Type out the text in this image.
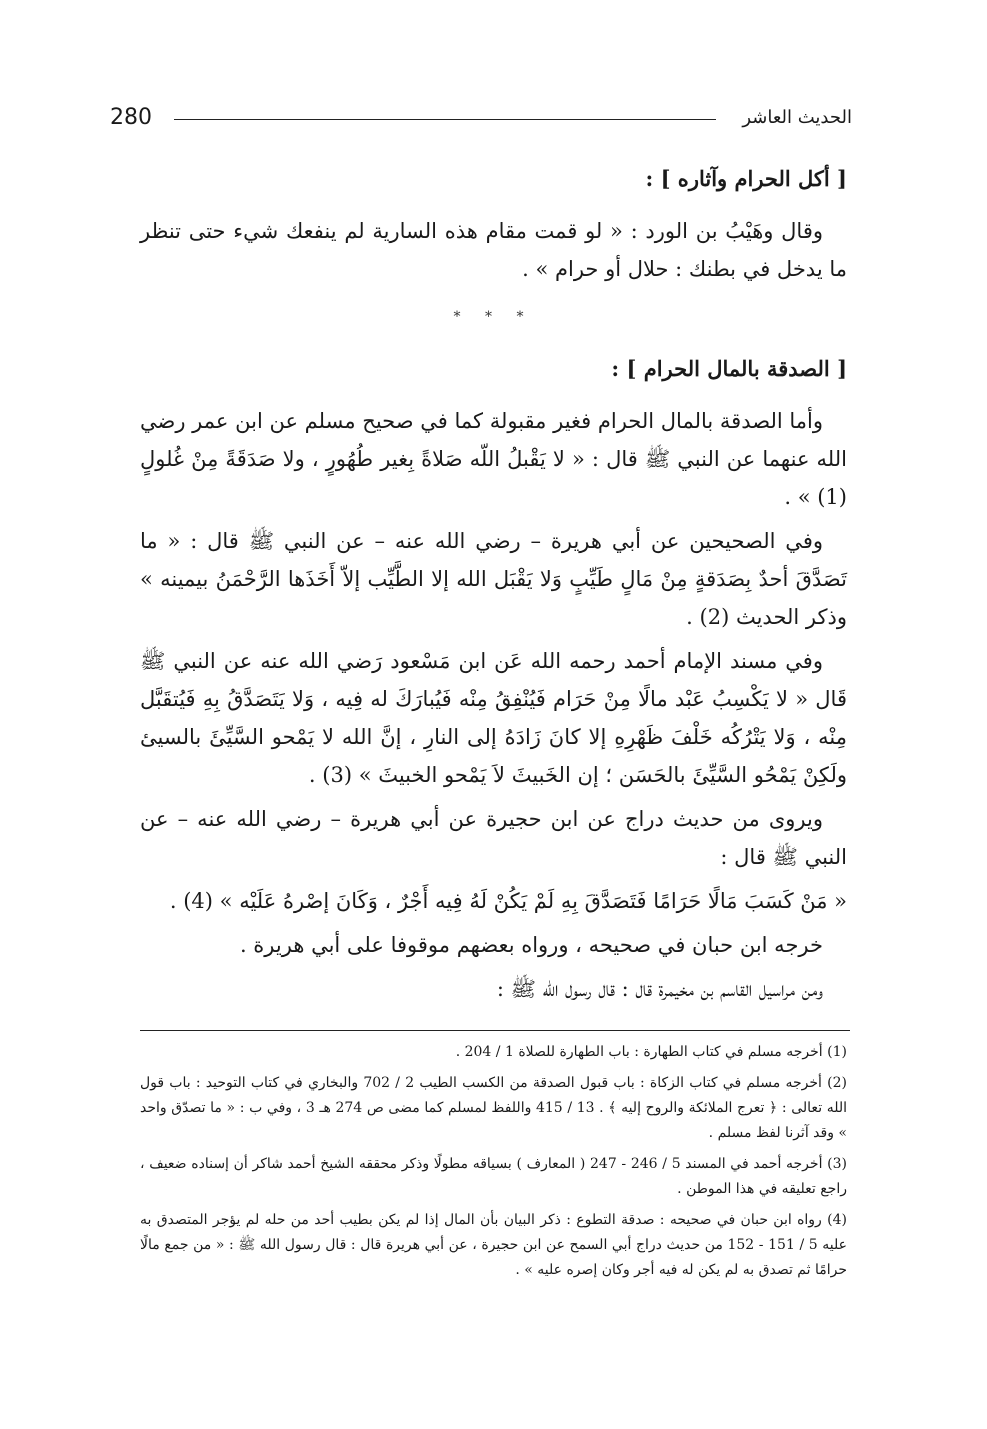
280	الحديث العاشر

[ أكل الحرام وآثاره ] :

وقال وهَيْبُ بن الورد : « لو قمت مقام هذه السارية لم ينفعك شيء حتى تنظر ما يدخل في بطنك : حلال أو حرام » .

* * *

[ الصدقة بالمال الحرام ] :

وأما الصدقة بالمال الحرام فغير مقبولة كما في صحيح مسلم عن ابن عمر رضي الله عنهما عن النبي ﷺ قال : « لا يَقْبلُ اللّه صَلاةً بِغير طُهُورٍ ، ولا صَدَقَةً مِنْ غُلولٍ (1) » .

وفي الصحيحين عن أبي هريرة – رضي الله عنه – عن النبي ﷺ قال : « ما تَصَدَّقَ أحدٌ بِصَدَقةٍ مِنْ مَالٍ طَيِّبٍ وَلا يَقْبَل الله إلا الطَّيِّب إلاّ أَخَذَها الرَّحْمَنُ بيمينه » وذكر الحديث (2) .

وفي مسند الإمام أحمد رحمه الله عَن ابن مَسْعود رَضي الله عنه عن النبي ﷺ قَال « لا يَكْسِبُ عَبْد مالًا مِنْ حَرَام فَيُنْفِقُ مِنْه فَيُبارَكَ له فِيه ، وَلا يَتَصَدَّقُ بِهِ فَيُتقَبَّل مِنْه ، وَلا يَتْرُكُه خَلْفَ ظَهْرِهِ إلا كانَ زَادَهُ إلى النارِ ، إنَّ الله لا يَمْحو السَّيِّئَ بالسيئ ولَكِنْ يَمْحُو السَّيِّئَ بالحَسَن ؛ إن الخَبيثَ لاَ يَمْحو الخبيثَ » (3) .

ويروى من حديث دراج عن ابن حجيرة عن أبي هريرة – رضي الله عنه – عن النبي ﷺ قال :

« مَنْ كَسَبَ مَالًا حَرَامًا فَتَصَدَّقَ بِهِ لَمْ يَكُنْ لَهُ فِيه أَجْرٌ ، وَكَانَ إصْرهُ عَلَيْه » (4) .

خرجه ابن حبان في صحيحه ، ورواه بعضهم موقوفا على أبي هريرة .

ومن مراسيل القاسم بن مخيمرة قال : قال رسول الله ﷺ :

(1) أخرجه مسلم في كتاب الطهارة : باب الطهارة للصلاة 1 / 204 .

(2) أخرجه مسلم في كتاب الزكاة : باب قبول الصدقة من الكسب الطيب 2 / 702 والبخاري في كتاب التوحيد : باب قول الله تعالى : ﴿ تعرج الملائكة والروح إليه ﴾ . 13 / 415 واللفظ لمسلم كما مضى ص 274 هـ 3 ، وفي ب : « ما تصدّق واحد » وقد آثرنا لفظ مسلم .

(3) أخرجه أحمد في المسند 5 / 246 - 247 ( المعارف ) بسياقه مطولًا وذكر محققه الشيخ أحمد شاكر أن إسناده ضعيف ، راجع تعليقه في هذا الموطن .

(4) رواه ابن حبان في صحيحه : صدقة التطوع : ذكر البيان بأن المال إذا لم يكن بطيب أحد من حله لم يؤجر المتصدق به عليه 5 / 151 - 152 من حديث دراج أبي السمح عن ابن حجيرة ، عن أبي هريرة قال : قال رسول الله ﷺ : « من جمع مالًا حرامًا ثم تصدق به لم يكن له فيه أجر وكان إصره عليه » .
